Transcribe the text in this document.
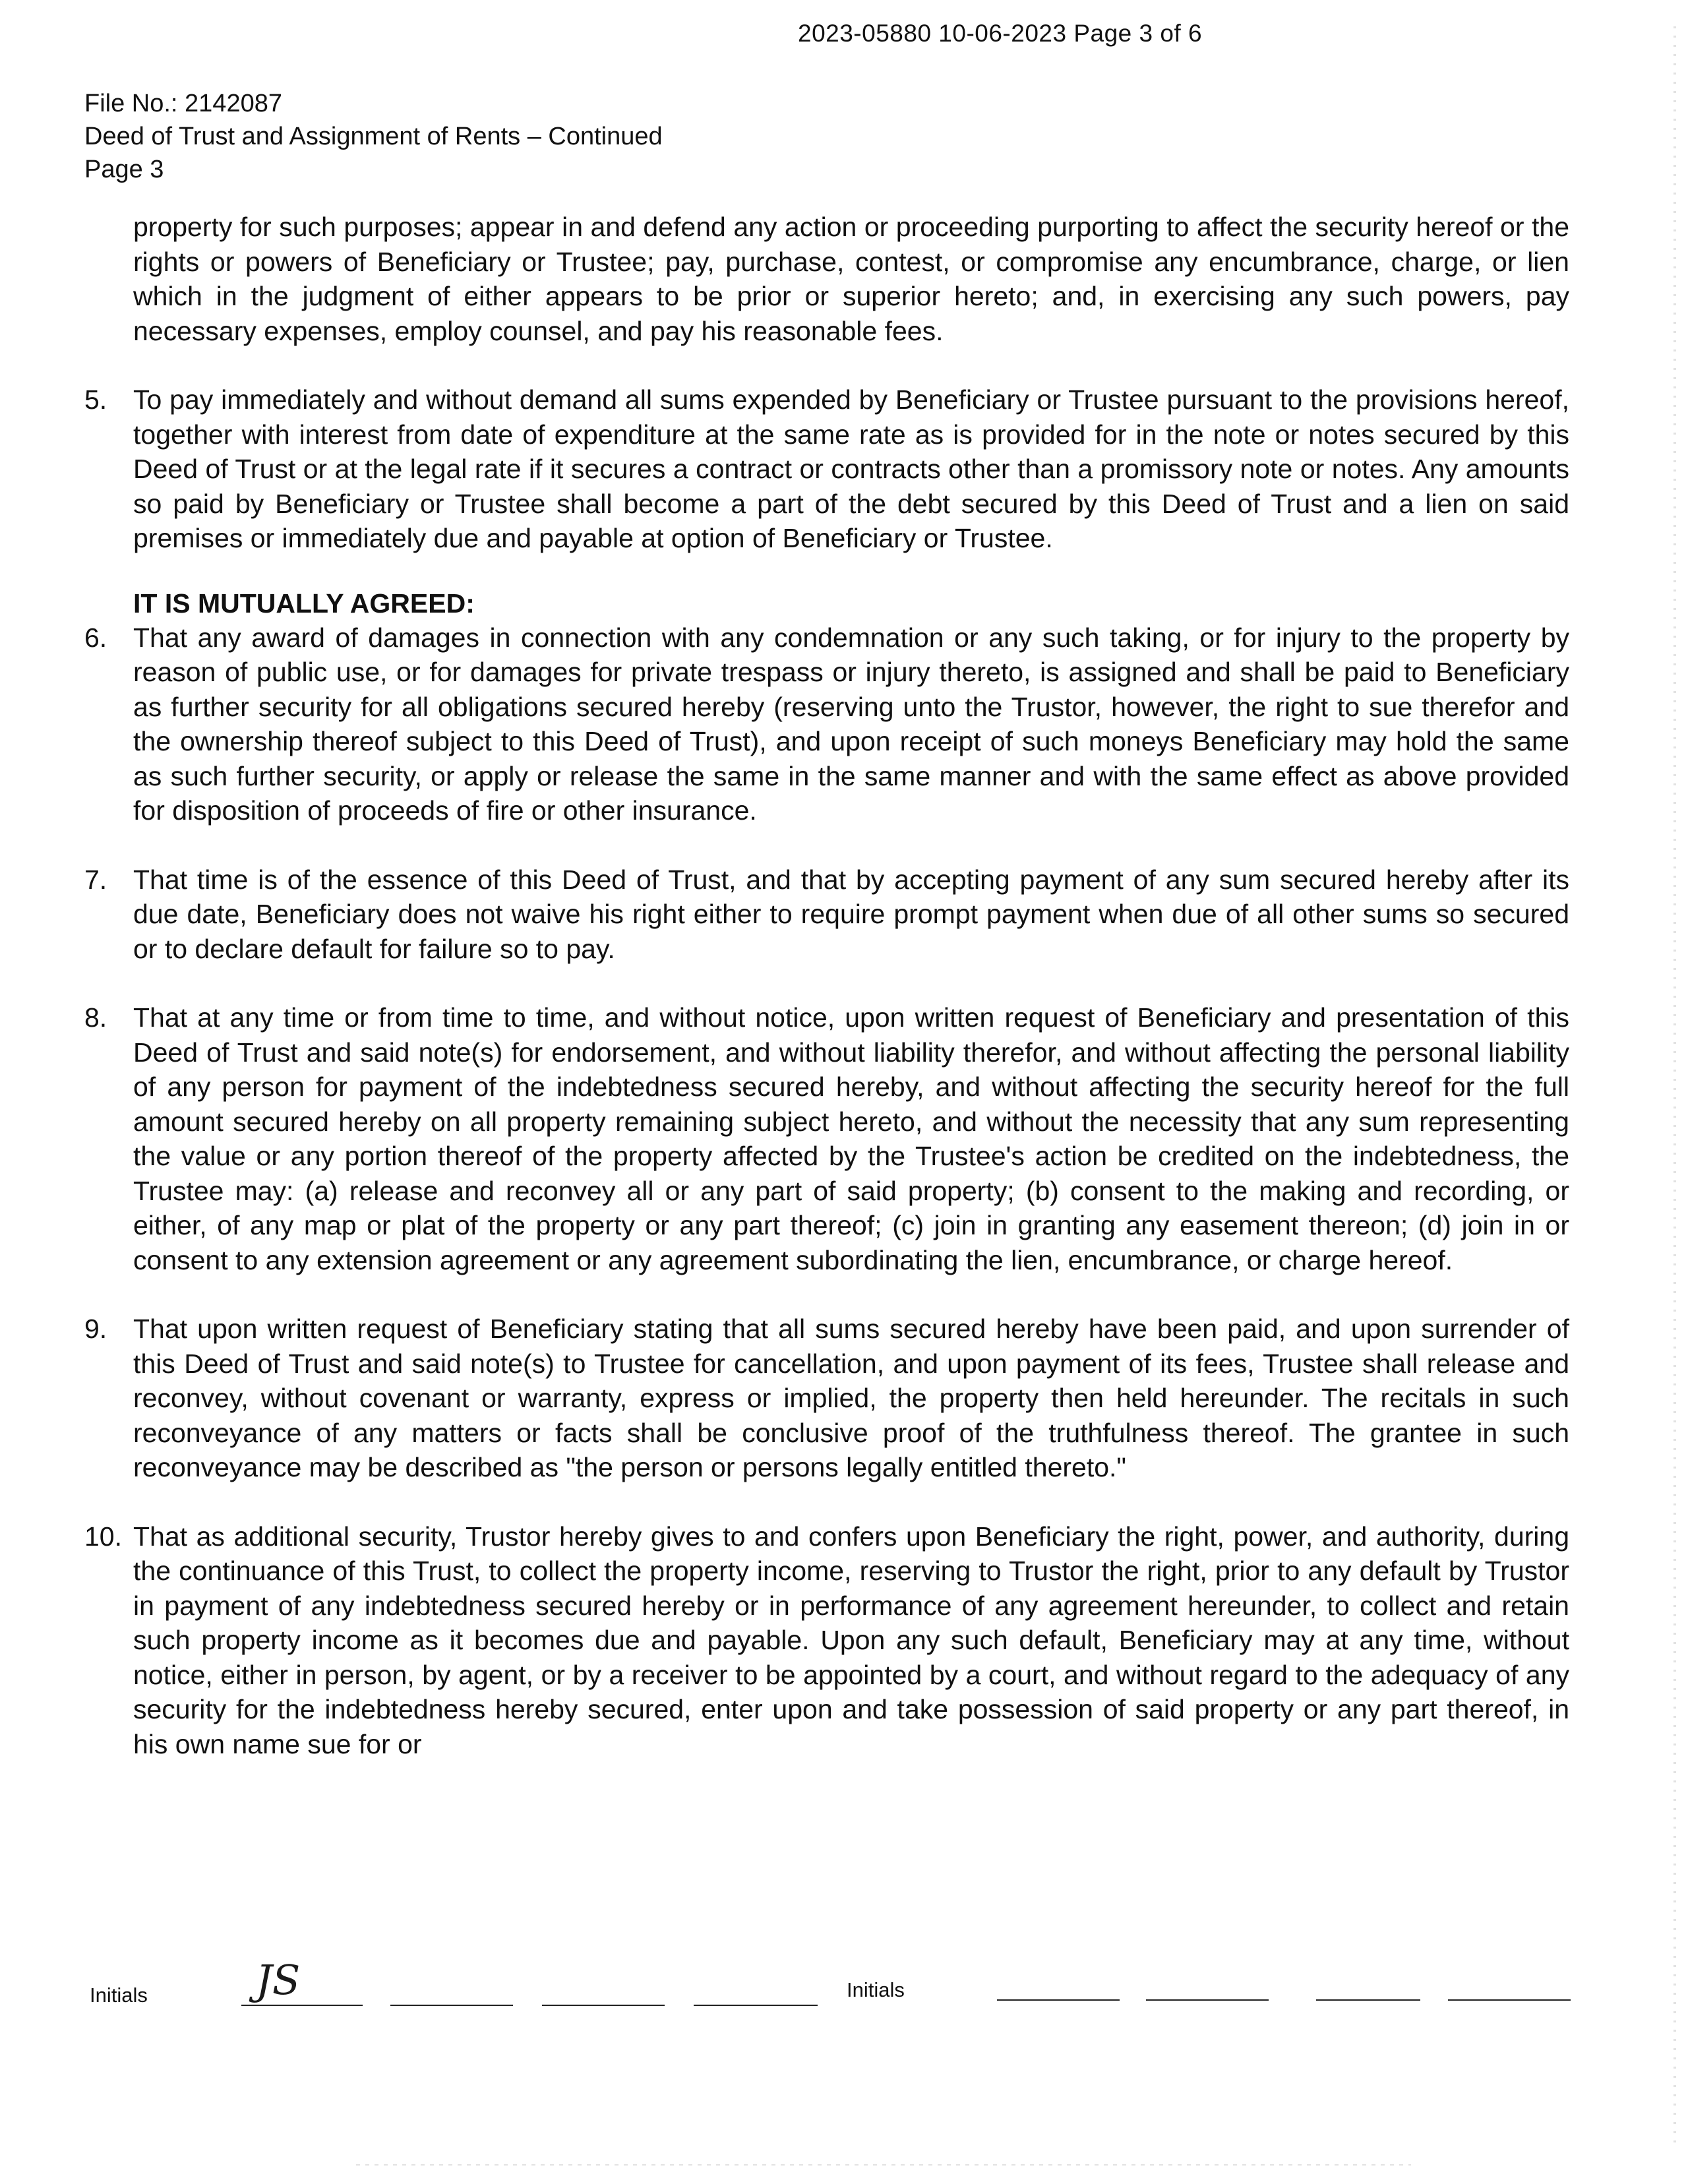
2023-05880 10-06-2023 Page 3 of 6
File No.: 2142087
Deed of Trust and Assignment of Rents – Continued
Page 3
property for such purposes; appear in and defend any action or proceeding purporting to affect the security hereof or the rights or powers of Beneficiary or Trustee; pay, purchase, contest, or compromise any encumbrance, charge, or lien which in the judgment of either appears to be prior or superior hereto; and, in exercising any such powers, pay necessary expenses, employ counsel, and pay his reasonable fees.
5. To pay immediately and without demand all sums expended by Beneficiary or Trustee pursuant to the provisions hereof, together with interest from date of expenditure at the same rate as is provided for in the note or notes secured by this Deed of Trust or at the legal rate if it secures a contract or contracts other than a promissory note or notes. Any amounts so paid by Beneficiary or Trustee shall become a part of the debt secured by this Deed of Trust and a lien on said premises or immediately due and payable at option of Beneficiary or Trustee.
IT IS MUTUALLY AGREED:
6. That any award of damages in connection with any condemnation or any such taking, or for injury to the property by reason of public use, or for damages for private trespass or injury thereto, is assigned and shall be paid to Beneficiary as further security for all obligations secured hereby (reserving unto the Trustor, however, the right to sue therefor and the ownership thereof subject to this Deed of Trust), and upon receipt of such moneys Beneficiary may hold the same as such further security, or apply or release the same in the same manner and with the same effect as above provided for disposition of proceeds of fire or other insurance.
7. That time is of the essence of this Deed of Trust, and that by accepting payment of any sum secured hereby after its due date, Beneficiary does not waive his right either to require prompt payment when due of all other sums so secured or to declare default for failure so to pay.
8. That at any time or from time to time, and without notice, upon written request of Beneficiary and presentation of this Deed of Trust and said note(s) for endorsement, and without liability therefor, and without affecting the personal liability of any person for payment of the indebtedness secured hereby, and without affecting the security hereof for the full amount secured hereby on all property remaining subject hereto, and without the necessity that any sum representing the value or any portion thereof of the property affected by the Trustee's action be credited on the indebtedness, the Trustee may: (a) release and reconvey all or any part of said property; (b) consent to the making and recording, or either, of any map or plat of the property or any part thereof; (c) join in granting any easement thereon; (d) join in or consent to any extension agreement or any agreement subordinating the lien, encumbrance, or charge hereof.
9. That upon written request of Beneficiary stating that all sums secured hereby have been paid, and upon surrender of this Deed of Trust and said note(s) to Trustee for cancellation, and upon payment of its fees, Trustee shall release and reconvey, without covenant or warranty, express or implied, the property then held hereunder. The recitals in such reconveyance of any matters or facts shall be conclusive proof of the truthfulness thereof. The grantee in such reconveyance may be described as "the person or persons legally entitled thereto."
10. That as additional security, Trustor hereby gives to and confers upon Beneficiary the right, power, and authority, during the continuance of this Trust, to collect the property income, reserving to Trustor the right, prior to any default by Trustor in payment of any indebtedness secured hereby or in performance of any agreement hereunder, to collect and retain such property income as it becomes due and payable. Upon any such default, Beneficiary may at any time, without notice, either in person, by agent, or by a receiver to be appointed by a court, and without regard to the adequacy of any security for the indebtedness hereby secured, enter upon and take possession of said property or any part thereof, in his own name sue for or
Initials	JS	Initials
